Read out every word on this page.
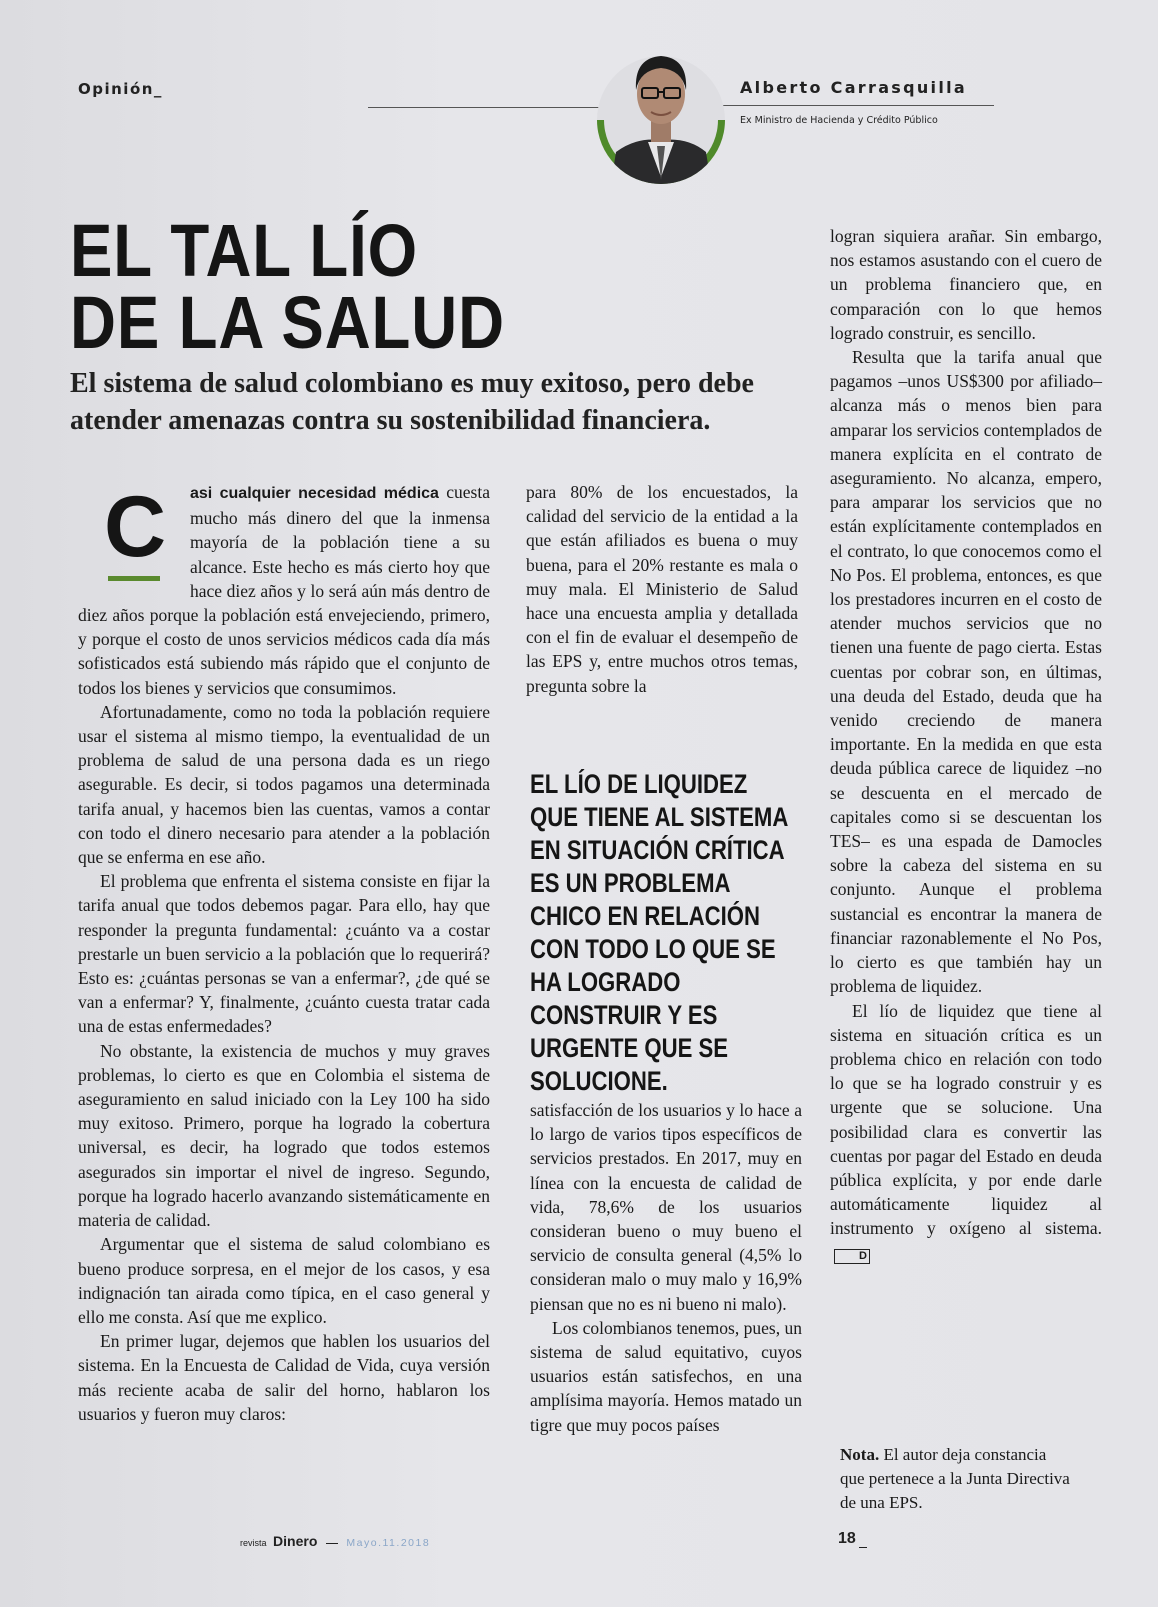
Opinión_	Alberto Carrasquilla
Ex Ministro de Hacienda y Crédito Público
EL TAL LÍO
DE LA SALUD

El sistema de salud colombiano es muy exitoso, pero debe atender amenazas contra su sostenibilidad financiera.

C asi cualquier necesidad médica cuesta mucho más dinero del que la inmensa mayoría de la población tiene a su alcance. Este hecho es más cierto hoy que hace diez años y lo será aún más dentro de diez años porque la población está envejeciendo, primero, y porque el costo de unos servicios médicos cada día más sofisticados está subiendo más rápido que el conjunto de todos los bienes y servicios que consumimos.

Afortunadamente, como no toda la población requiere usar el sistema al mismo tiempo, la eventualidad de un problema de salud de una persona dada es un riego asegurable. Es decir, si todos pagamos una determinada tarifa anual, y hacemos bien las cuentas, vamos a contar con todo el dinero necesario para atender a la población que se enferma en ese año.

El problema que enfrenta el sistema consiste en fijar la tarifa anual que todos debemos pagar. Para ello, hay que responder la pregunta fundamental: ¿cuánto va a costar prestarle un buen servicio a la población que lo requerirá? Esto es: ¿cuántas personas se van a enfermar?, ¿de qué se van a enfermar? Y, finalmente, ¿cuánto cuesta tratar cada una de estas enfermedades?

No obstante, la existencia de muchos y muy graves problemas, lo cierto es que en Colombia el sistema de aseguramiento en salud iniciado con la Ley 100 ha sido muy exitoso. Primero, porque ha logrado la cobertura universal, es decir, ha logrado que todos estemos asegurados sin importar el nivel de ingreso. Segundo, porque ha logrado hacerlo avanzando sistemáticamente en materia de calidad.

Argumentar que el sistema de salud colombiano es bueno produce sorpresa, en el mejor de los casos, y esa indignación tan airada como típica, en el caso general y ello me consta. Así que me explico.

En primer lugar, dejemos que hablen los usuarios del sistema. En la Encuesta de Calidad de Vida, cuya versión más reciente acaba de salir del horno, hablaron los usuarios y fueron muy claros:

para 80% de los encuestados, la calidad del servicio de la entidad a la que están afiliados es buena o muy buena, para el 20% restante es mala o muy mala. El Ministerio de Salud hace una encuesta amplia y detallada con el fin de evaluar el desempeño de las EPS y, entre muchos otros temas, pregunta sobre la

EL LÍO DE LIQUIDEZ QUE TIENE AL SISTEMA EN SITUACIÓN CRÍTICA ES UN PROBLEMA CHICO EN RELACIÓN CON TODO LO QUE SE HA LOGRADO CONSTRUIR Y ES URGENTE QUE SE SOLUCIONE.

satisfacción de los usuarios y lo hace a lo largo de varios tipos específicos de servicios prestados. En 2017, muy en línea con la encuesta de calidad de vida, 78,6% de los usuarios consideran bueno o muy bueno el servicio de consulta general (4,5% lo consideran malo o muy malo y 16,9% piensan que no es ni bueno ni malo).

Los colombianos tenemos, pues, un sistema de salud equitativo, cuyos usuarios están satisfechos, en una amplísima mayoría. Hemos matado un tigre que muy pocos países

logran siquiera arañar. Sin embargo, nos estamos asustando con el cuero de un problema financiero que, en comparación con lo que hemos logrado construir, es sencillo.

Resulta que la tarifa anual que pagamos –unos US$300 por afiliado– alcanza más o menos bien para amparar los servicios contemplados de manera explícita en el contrato de aseguramiento. No alcanza, empero, para amparar los servicios que no están explícitamente contemplados en el contrato, lo que conocemos como el No Pos. El problema, entonces, es que los prestadores incurren en el costo de atender muchos servicios que no tienen una fuente de pago cierta. Estas cuentas por cobrar son, en últimas, una deuda del Estado, deuda que ha venido creciendo de manera importante. En la medida en que esta deuda pública carece de liquidez –no se descuenta en el mercado de capitales como si se descuentan los TES– es una espada de Damocles sobre la cabeza del sistema en su conjunto. Aunque el problema sustancial es encontrar la manera de financiar razonablemente el No Pos, lo cierto es que también hay un problema de liquidez.

El lío de liquidez que tiene al sistema en situación crítica es un problema chico en relación con todo lo que se ha logrado construir y es urgente que se solucione. Una posibilidad clara es convertir las cuentas por pagar del Estado en deuda pública explícita, y por ende darle automáticamente liquidez al instrumento y oxígeno al sistema.D

Nota. El autor deja constancia que pertenece a la Junta Directiva de una EPS.
revista Dinero	Mayo.11.2018	18
